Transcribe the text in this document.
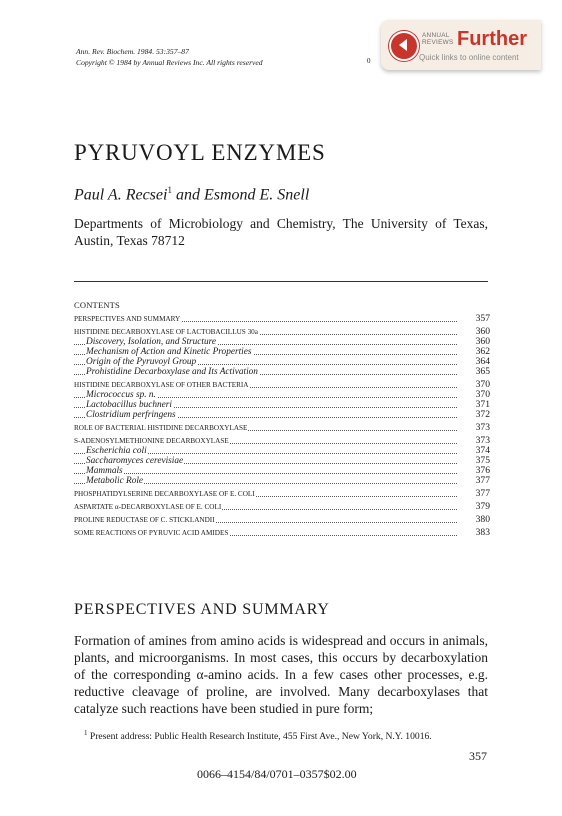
Ann. Rev. Biochem. 1984. 53:357–87
Copyright © 1984 by Annual Reviews Inc. All rights reserved	0
ANNUAL
REVIEWS Further
Quick links to online content
PYRUVOYL ENZYMES
Paul A. Recsei$^1$ and Esmond E. Snell
Departments of Microbiology and Chemistry, The University of Texas, Austin, Texas 78712
CONTENTS
PERSPECTIVES AND SUMMARY	357
HISTIDINE DECARBOXYLASE OF LACTOBACILLUS 30a	360
Discovery, Isolation, and Structure	360
Mechanism of Action and Kinetic Properties	362
Origin of the Pyruvoyl Group	364
Prohistidine Decarboxylase and Its Activation	365
HISTIDINE DECARBOXYLASE OF OTHER BACTERIA	370
Micrococcus sp. n.	370
Lactobacillus buchneri	371
Clostridium perfringens	372
ROLE OF BACTERIAL HISTIDINE DECARBOXYLASE	373
S-ADENOSYLMETHIONINE DECARBOXYLASE	373
Escherichia coli	374
Saccharomyces cerevisiae	375
Mammals	376
Metabolic Role	377
PHOSPHATIDYLSERINE DECARBOXYLASE OF E. COLI	377
ASPARTATE α-DECARBOXYLASE OF E. COLI	379
PROLINE REDUCTASE OF C. STICKLANDII	380
SOME REACTIONS OF PYRUVIC ACID AMIDES	383
PERSPECTIVES AND SUMMARY
Formation of amines from amino acids is widespread and occurs in animals, plants, and microorganisms. In most cases, this occurs by decarboxylation of the corresponding α-amino acids. In a few cases other processes, e.g. reductive cleavage of proline, are involved. Many decarboxylases that catalyze such reactions have been studied in pure form;
$^1$ Present address: Public Health Research Institute, 455 First Ave., New York, N.Y. 10016.
357
0066–4154/84/0701–0357$02.00
